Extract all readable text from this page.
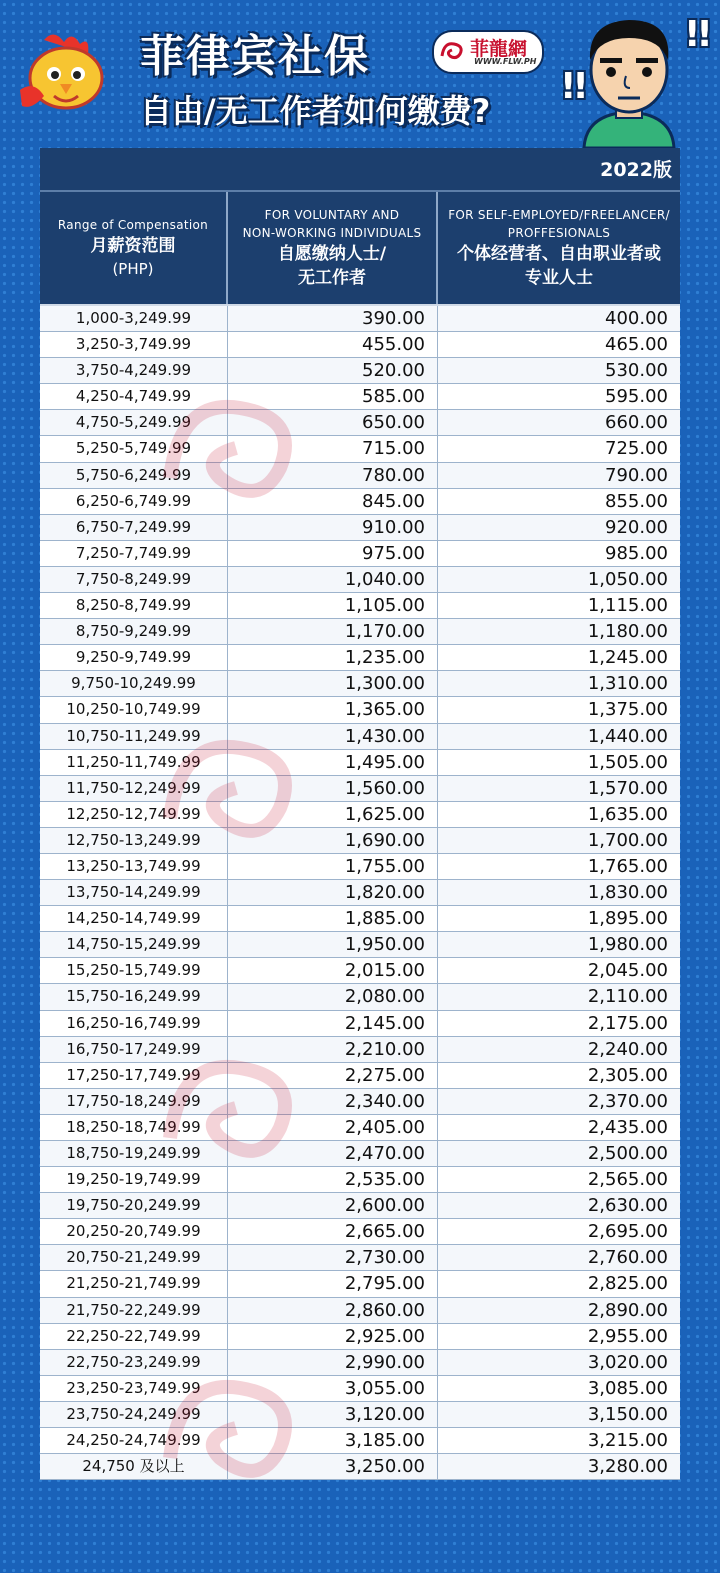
菲律宾社保
自由/无工作者如何缴费?
菲龍網
WWW.FLW.PH
!!
!!
2022版
Range of Compensation
月薪资范围
(PHP)
FOR VOLUNTARY AND
NON-WORKING INDIVIDUALS
自愿缴纳人士/
无工作者
FOR SELF-EMPLOYED/FREELANCER/
PROFFESIONALS
个体经营者、自由职业者或
专业人士
1,000-3,249.99	390.00	400.00
3,250-3,749.99	455.00	465.00
3,750-4,249.99	520.00	530.00
4,250-4,749.99	585.00	595.00
4,750-5,249.99	650.00	660.00
5,250-5,749.99	715.00	725.00
5,750-6,249.99	780.00	790.00
6,250-6,749.99	845.00	855.00
6,750-7,249.99	910.00	920.00
7,250-7,749.99	975.00	985.00
7,750-8,249.99	1,040.00	1,050.00
8,250-8,749.99	1,105.00	1,115.00
8,750-9,249.99	1,170.00	1,180.00
9,250-9,749.99	1,235.00	1,245.00
9,750-10,249.99	1,300.00	1,310.00
10,250-10,749.99	1,365.00	1,375.00
10,750-11,249.99	1,430.00	1,440.00
11,250-11,749.99	1,495.00	1,505.00
11,750-12,249.99	1,560.00	1,570.00
12,250-12,749.99	1,625.00	1,635.00
12,750-13,249.99	1,690.00	1,700.00
13,250-13,749.99	1,755.00	1,765.00
13,750-14,249.99	1,820.00	1,830.00
14,250-14,749.99	1,885.00	1,895.00
14,750-15,249.99	1,950.00	1,980.00
15,250-15,749.99	2,015.00	2,045.00
15,750-16,249.99	2,080.00	2,110.00
16,250-16,749.99	2,145.00	2,175.00
16,750-17,249.99	2,210.00	2,240.00
17,250-17,749.99	2,275.00	2,305.00
17,750-18,249.99	2,340.00	2,370.00
18,250-18,749.99	2,405.00	2,435.00
18,750-19,249.99	2,470.00	2,500.00
19,250-19,749.99	2,535.00	2,565.00
19,750-20,249.99	2,600.00	2,630.00
20,250-20,749.99	2,665.00	2,695.00
20,750-21,249.99	2,730.00	2,760.00
21,250-21,749.99	2,795.00	2,825.00
21,750-22,249.99	2,860.00	2,890.00
22,250-22,749.99	2,925.00	2,955.00
22,750-23,249.99	2,990.00	3,020.00
23,250-23,749.99	3,055.00	3,085.00
23,750-24,249.99	3,120.00	3,150.00
24,250-24,749.99	3,185.00	3,215.00
24,750 及以上	3,250.00	3,280.00
